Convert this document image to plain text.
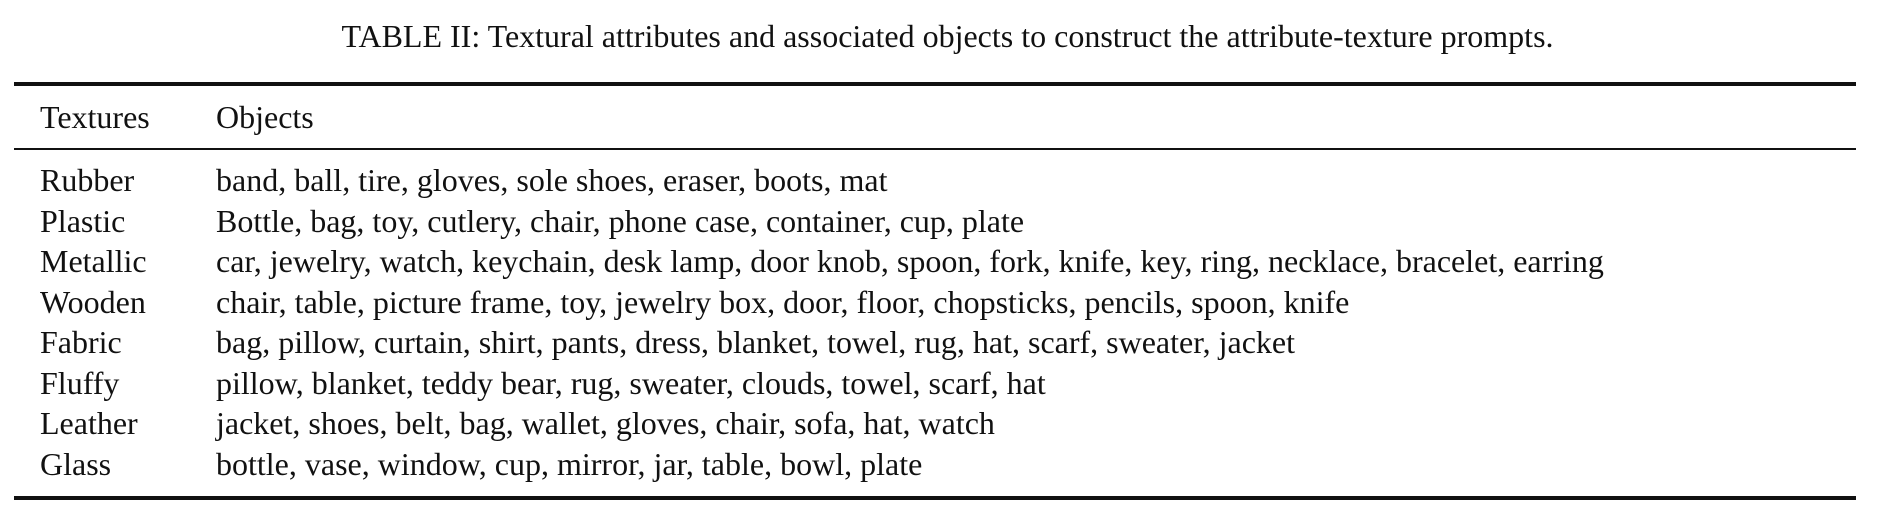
TABLE II: Textural attributes and associated objects to construct the attribute-texture prompts.
Textures Objects
Rubber	band, ball, tire, gloves, sole shoes, eraser, boots, mat
Plastic	Bottle, bag, toy, cutlery, chair, phone case, container, cup, plate
Metallic car, jewelry, watch, keychain, desk lamp, door knob, spoon, fork, knife, key, ring, necklace, bracelet, earring
Wooden chair, table, picture frame, toy, jewelry box, door, floor, chopsticks, pencils, spoon, knife
Fabric	bag, pillow, curtain, shirt, pants, dress, blanket, towel, rug, hat, scarf, sweater, jacket
Fluffy	pillow, blanket, teddy bear, rug, sweater, clouds, towel, scarf, hat
Leather jacket, shoes, belt, bag, wallet, gloves, chair, sofa, hat, watch
Glass	bottle, vase, window, cup, mirror, jar, table, bowl, plate
